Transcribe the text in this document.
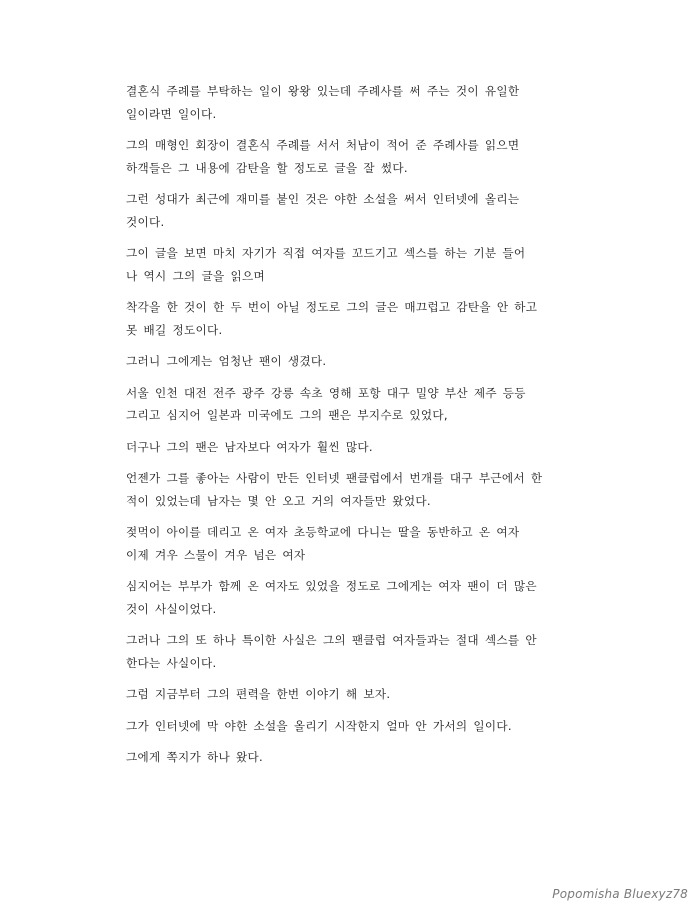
결혼식 주례를 부탁하는 일이 왕왕 있는데 주례사를 써 주는 것이 유일한
일이라면 일이다.

그의 매형인 회장이 결혼식 주례를 서서 처남이 적어 준 주례사를 읽으면
하객들은 그 내용에 감탄을 할 정도로 글을 잘 썼다.

그런 성대가 최근에 재미를 붙인 것은 야한 소설을 써서 인터넷에 올리는
것이다.

그이 글을 보면 마치 자기가 직접 여자를 꼬드기고 섹스를 하는 기분 들어
나 역시 그의 글을 읽으며

착각을 한 것이 한 두 번이 아닐 정도로 그의 글은 매끄럽고 감탄을 안 하고
못 배길 정도이다.

그러니 그에게는 엄청난 팬이 생겼다.

서울 인천 대전 전주 광주 강릉 속초 영해 포항 대구 밀양 부산 제주 등등
그리고 심지어 일본과 미국에도 그의 팬은 부지수로 있었다,

더구나 그의 팬은 남자보다 여자가 훨씬 많다.

언젠가 그를 좋아는 사람이 만든 인터넷 팬클럽에서 번개를 대구 부근에서 한
적이 있었는데 남자는 몇 안 오고 거의 여자들만 왔었다.

젖먹이 아이를 데리고 온 여자 초등학교에 다니는 딸을 동반하고 온 여자
이제 겨우 스물이 겨우 넘은 여자

심지어는 부부가 함께 온 여자도 있었을 정도로 그에게는 여자 팬이 더 많은
것이 사실이었다.

그러나 그의 또 하나 특이한 사실은 그의 팬클럽 여자들과는 절대 섹스를 안
한다는 사실이다.

그럼 지금부터 그의 편력을 한번 이야기 해 보자.

그가 인터넷에 막 야한 소설을 올리기 시작한지 얼마 안 가서의 일이다.

그에게 쪽지가 하나 왔다.

Popomisha Bluexyz78
